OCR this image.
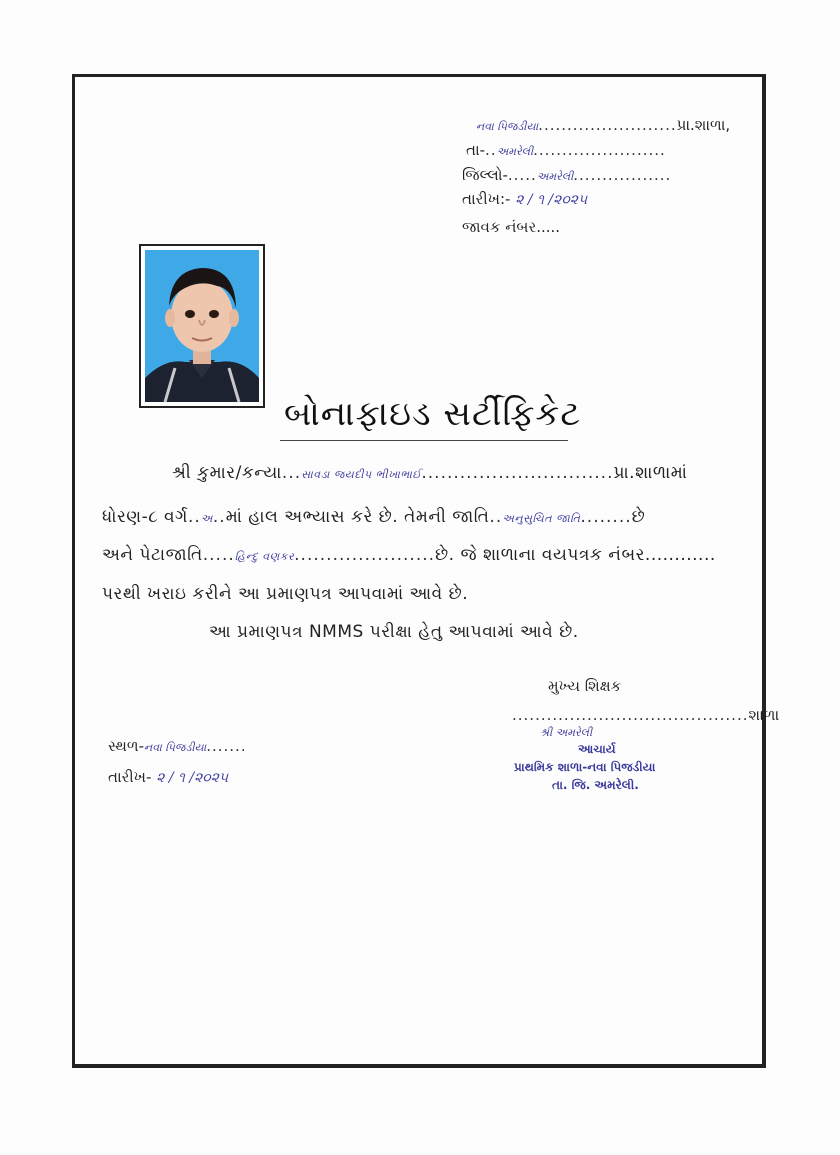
નવા પિજડીયા........................પ્રા.શાળા,
તા-..અમરેલી.......................
જિલ્લો-.....અમરેલી.................
તારીખ:- ૨ / ૧ /૨૦૨૫
જાવક નંબર.....
બોનાફાઇડ સર્ટીફિકેટ
શ્રી કુમાર/કન્યા...સાવડા જયદીપ ભીખાભાઈ..............................પ્રા.શાળામાં
ધોરણ-૮ વર્ગ..અ..માં હાલ અભ્યાસ કરે છે. તેમની જાતિ..અનુસુચિત જાતિ........છે
અને પેટાજાતિ.....હિન્દુ વણકર......................છે. જે શાળાના વયપત્રક નંબર............
પરથી ખરાઇ કરીને આ પ્રમાણપત્ર આપવામાં આવે છે.
આ પ્રમાણપત્ર NMMS પરીક્ષા હેતુ આપવામાં આવે છે.
મુખ્ય શિક્ષક
.........................................શાળા
શ્રી અમરેલી
આચાર્ય
પ્રાથમિક શાળા-નવા પિજડીયા
તા. જિ. અમરેલી.
સ્થળ-નવા પિજડીયા.......
તારીખ- ૨ / ૧ /૨૦૨૫
